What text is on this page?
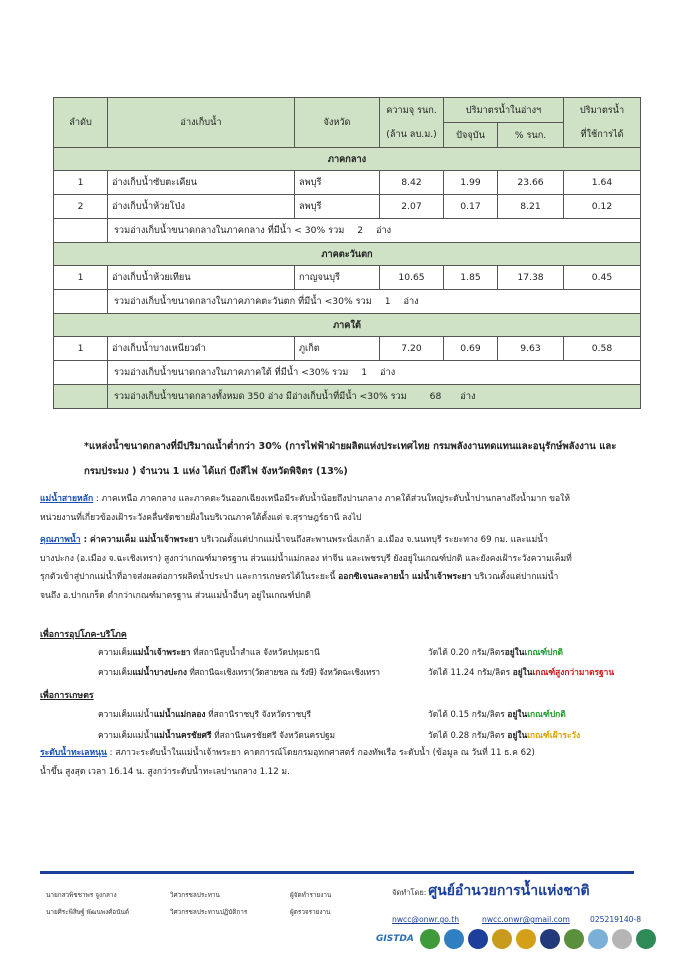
ลำดับ	อ่างเก็บน้ำ	จังหวัด	ความจุ รนก.	ปริมาตรน้ำในอ่างฯ		ปริมาตรน้ำ
			(ล้าน ลบ.ม.)	ปัจจุบัน	% รนก.	ที่ใช้การได้
ภาคกลาง						
1	อ่างเก็บน้ำซับตะเคียน	ลพบุรี	8.42	1.99	23.66	1.64
2	อ่างเก็บน้ำห้วยโป่ง	ลพบุรี	2.07	0.17	8.21	0.12
	รวมอ่างเก็บน้ำขนาดกลางในภาคกลาง ที่มีน้ำ < 30% รวม 2 อ่าง					
ภาคตะวันตก						
1	อ่างเก็บน้ำห้วยเทียน	กาญจนบุรี	10.65	1.85	17.38	0.45
	รวมอ่างเก็บน้ำขนาดกลางในภาคภาคตะวันตก ที่มีน้ำ <30% รวม 1 อ่าง					
ภาคใต้						
1	อ่างเก็บน้ำบางเหนียวดำ	ภูเก็ต	7.20	0.69	9.63	0.58
	รวมอ่างเก็บน้ำขนาดกลางในภาคภาคใต้ ที่มีน้ำ <30% รวม 1 อ่าง					
	รวมอ่างเก็บน้ำขนาดกลางทั้งหมด 350 อ่าง มีอ่างเก็บน้ำที่มีน้ำ <30% รวม 68 อ่าง					
*แหล่งน้ำขนาดกลางที่มีปริมาณน้ำต่ำกว่า 30% (การไฟฟ้าฝ่ายผลิตแห่งประเทศไทย กรมพลังงานทดแทนและอนุรักษ์พลังงาน และ
กรมประมง ) จำนวน 1 แห่ง ได้แก่ บึงสีไฟ จังหวัดพิจิตร (13%)
แม่น้ำสายหลัก : ภาคเหนือ ภาคกลาง และภาคตะวันออกเฉียงเหนือมีระดับน้ำน้อยถึงปานกลาง ภาคใต้ส่วนใหญ่ระดับน้ำปานกลางถึงน้ำมาก ขอให้
หน่วยงานที่เกี่ยวข้องเฝ้าระวังคลื่นซัดชายฝั่งในบริเวณภาคใต้ตั้งแต่ จ.สุราษฎร์ธานี ลงไป
คุณภาพน้ำ : ค่าความเค็ม แม่น้ำเจ้าพระยา บริเวณตั้งแต่ปากแม่น้ำจนถึงสะพานพระนั่งเกล้า อ.เมือง จ.นนทบุรี ระยะทาง 69 กม. และแม่น้ำ
บางปะกง (อ.เมือง จ.ฉะเชิงเทรา) สูงกว่าเกณฑ์มาตรฐาน ส่วนแม่น้ำแม่กลอง ท่าจีน และเพชรบุรี ยังอยู่ในเกณฑ์ปกติ และยังคงเฝ้าระวังความเค็มที่
รุกตัวเข้าสู่ปากแม่น้ำที่อาจส่งผลต่อการผลิตน้ำประปา และการเกษตรได้ในระยะนี้ ออกซิเจนละลายน้ำ แม่น้ำเจ้าพระยา บริเวณตั้งแต่ปากแม่น้ำ
จนถึง อ.ปากเกร็ด ต่ำกว่าเกณฑ์มาตรฐาน ส่วนแม่น้ำอื่นๆ อยู่ในเกณฑ์ปกติ
เพื่อการอุปโภค-บริโภค
ความเค็มแม่น้ำเจ้าพระยา ที่สถานีสูบน้ำสำแล จังหวัดปทุมธานี	วัดได้ 0.20 กรัม/ลิตรอยู่ในเกณฑ์ปกติ
ความเค็มแม่น้ำบางปะกง ที่สถานีฉะเชิงเทรา(วัดสายชล ณ รังษี) จังหวัดฉะเชิงเทรา	วัดได้ 11.24 กรัม/ลิตร อยู่ในเกณฑ์สูงกว่ามาตรฐาน
เพื่อการเกษตร
ความเค็มแม่น้ำแม่น้ำแม่กลอง ที่สถานีราชบุรี จังหวัดราชบุรี	วัดได้ 0.15 กรัม/ลิตร อยู่ในเกณฑ์ปกติ
ความเค็มแม่น้ำแม่น้ำนครชัยศรี ที่สถานีนครชัยศรี จังหวัดนครปฐม	วัดได้ 0.28 กรัม/ลิตร อยู่ในเกณฑ์เฝ้าระวัง
ระดับน้ำทะเลหนุน : สภาวะระดับน้ำในแม่น้ำเจ้าพระยา คาดการณ์โดยกรมอุทกศาสตร์ กองทัพเรือ ระดับน้ำ (ข้อมูล ณ วันที่ 11 ธ.ค 62)
น้ำขึ้น สูงสุด เวลา 16.14 น. สูงกว่าระดับน้ำทะเลปานกลาง 1.12 ม.
นายกสวพิชชาพร จูงกลาง
นายศิระพิสิษฐ์ พัฒนพงศ์อนันต์
วิศวกรชลประทาน
วิศวกรชลประทานปฏิบัติการ
ผู้จัดทำรายงาน
ผู้ตรวจรายงาน
จัดทำโดย: ศูนย์อำนวยการน้ำแห่งชาติ
nwcc@onwr.go.th	nwcc.onwr@gmail.com	025219140-8
GISTDA
